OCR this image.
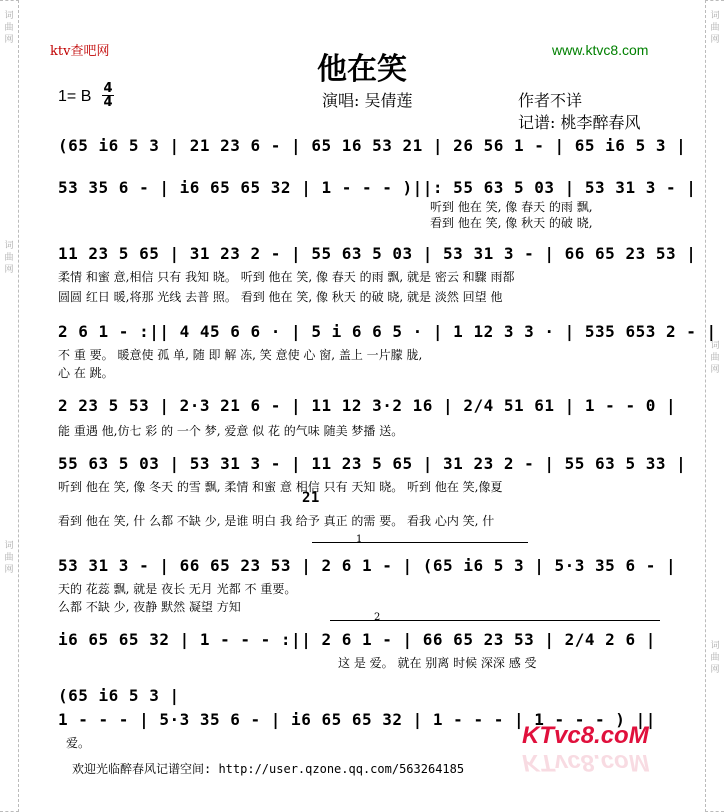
词
曲
网
词
曲
网
词
曲
网
词
曲
网
词
曲
网
词
曲
网
ktv查吧网	www.ktvc8.com
他在笑
1= B 4
4	演唱: 吴倩莲	作者不详
记谱: 桃李醉春风
(65 i6 5 3 | 21 23 6 - | 65 16 53 21 | 26 56 1 - | 65 i6 5 3 |
53 35 6 - | i6 65 65 32 | 1 - - - )||: 55 63 5 03 | 53 31 3 - |
听到 他在 笑, 像 春天 的雨 飘,
看到 他在 笑, 像 秋天 的破 晓,
11 23 5 65 | 31 23 2 - | 55 63 5 03 | 53 31 3 - | 66 65 23 53 |
柔情 和蜜 意,相信 只有 我知 晓。 听到 他在 笑, 像 春天 的雨 飘, 就是 密云 和驟 雨都
圆圆 红日 暖,将那 光线 去普 照。 看到 他在 笑, 像 秋天 的破 晓, 就是 淡然 回望 他
2 6 1 - :|| 4 45 6 6 · | 5 i 6 6 5 · | 1 12 3 3 · | 535 653 2 - |
不 重 要。 暖意使 孤 单, 随 即 解 冻, 笑 意使 心 窗, 盖上 一片朦 胧,
心 在 跳。
2 23 5 53 | 2·3 21 6 - | 11 12 3·2 16 | 2/4 51 61 | 1 - - 0 |
能 重遇 他,仿七 彩 的 一个 梦, 爱意 似 花 的气味 随美 梦播 送。
55 63 5 03 | 53 31 3 - | 11 23 5 65 | 31 23 2 - | 55 63 5 33 |
听到 他在 笑, 像 冬天 的雪 飘, 柔情 和蜜 意 相信 只有 天知 晓。 听到 他在 笑,像夏
21
看到 他在 笑, 什 么都 不缺 少, 是谁 明白 我 给予 真正 的需 要。 看我 心内 笑, 什
1
53 31 3 - | 66 65 23 53 | 2 6 1 - | (65 i6 5 3 | 5·3 35 6 - |
天的 花蕊 飘, 就是 夜长 无月 光都 不 重要。
么都 不缺 少, 夜静 默然 凝望 方知
2
i6 65 65 32 | 1 - - - :|| 2 6 1 - | 66 65 23 53 | 2/4 2 6 |
这 是 爱。 就在 别离 时候 深深 感 受
(65 i6 5 3 |
1 - - - | 5·3 35 6 - | i6 65 65 32 | 1 - - - | 1 - - - ) ||
爱。	KTvc8.coM
KTvc8.coM
欢迎光临醉春风记谱空间: http://user.qzone.qq.com/563264185
